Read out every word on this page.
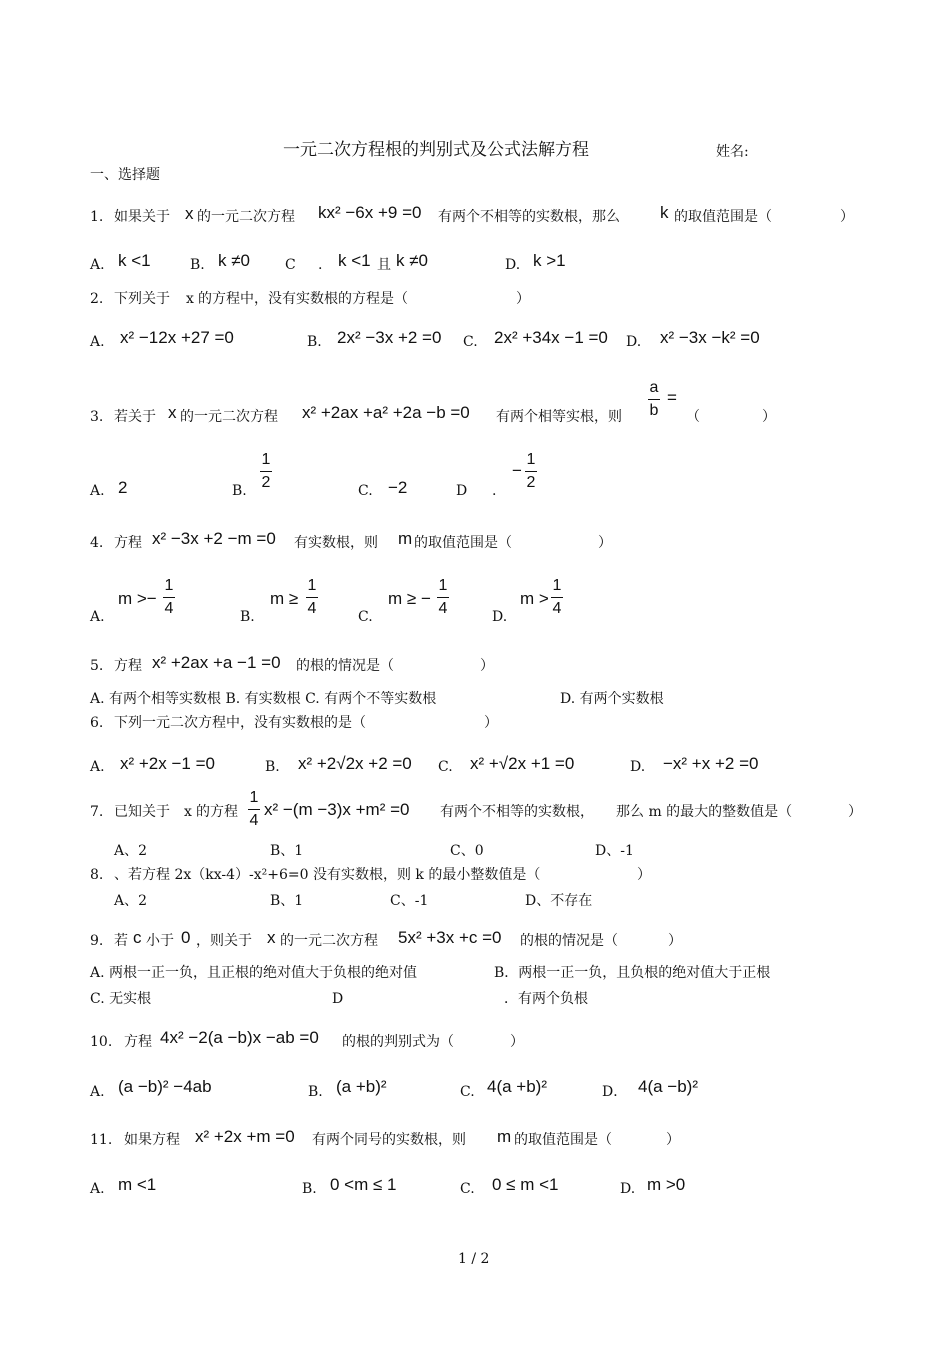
一元二次方程根的判别式及公式法解方程	姓名:
一、选择题
1. 如果关于 x 的一元二次方程 kx² −6x +9 =0 有两个不相等的实数根，那么 k 的取值范围是（	）
A. k <1	B. k ≠0 C . k <1 且 k ≠0	D. k >1
2. 下列关于 x 的方程中，没有实数根的方程是（	）
A. x² −12x +27 =0	B. 2x² −3x +2 =0 C. 2x² +34x −1 =0 D. x² −3x −k² =0
3. 若关于 x 的一元二次方程 x² +2ax +a² +2a −b =0 有两个相等实根，则
a
b
=
（	）
A. 2	B.
1
2	C. −2	D .
−
1
2
4. 方程 x² −3x +2 −m =0 有实数根，则 m 的取值范围是（	）
A.
m >−
1
4	B.
m ≥
1
4	C.
m ≥ −
1
4	D.
m >
1
4
5. 方程 x² +2ax +a −1 =0 的根的情况是（	）
A. 有两个相等实数根 B. 有实数根 C. 有两个不等实数根	D. 有两个实数根
6. 下列一元二次方程中，没有实数根的是（	）
A. x² +2x −1 =0	B. x² +2√2x +2 =0 C. x² +√2x +1 =0	D. −x² +x +2 =0
7. 已知关于 x 的方程
1
4
x² −(m −3)x +m² =0 有两个不相等的实数根， 那么 m 的最大的整数值是（	）
A、2	B、1	C、0	D、-1
8. 、若方程 2x（kx-4）-x²+6=0 没有实数根，则 k 的最小整数值是（	）
A、2	B、1	C、-1	D、不存在
9. 若 c 小于 0 ，则关于 x 的一元二次方程 5x² +3x +c =0 的根的情况是（	）
A. 两根一正一负，且正根的绝对值大于负根的绝对值	B．两根一正一负，且负根的绝对值大于正根
C. 无实根	D	．有两个负根
10. 方程 4x² −2(a −b)x −ab =0 的根的判别式为（	）
A. (a −b)² −4ab	B. (a +b)²	C. 4(a +b)²	D． 4(a −b)²
11. 如果方程 x² +2x +m =0 有两个同号的实数根，则 m 的取值范围是（	）
A. m <1	B. 0 <m ≤ 1	C. 0 ≤ m <1	D. m >0
1 / 2
